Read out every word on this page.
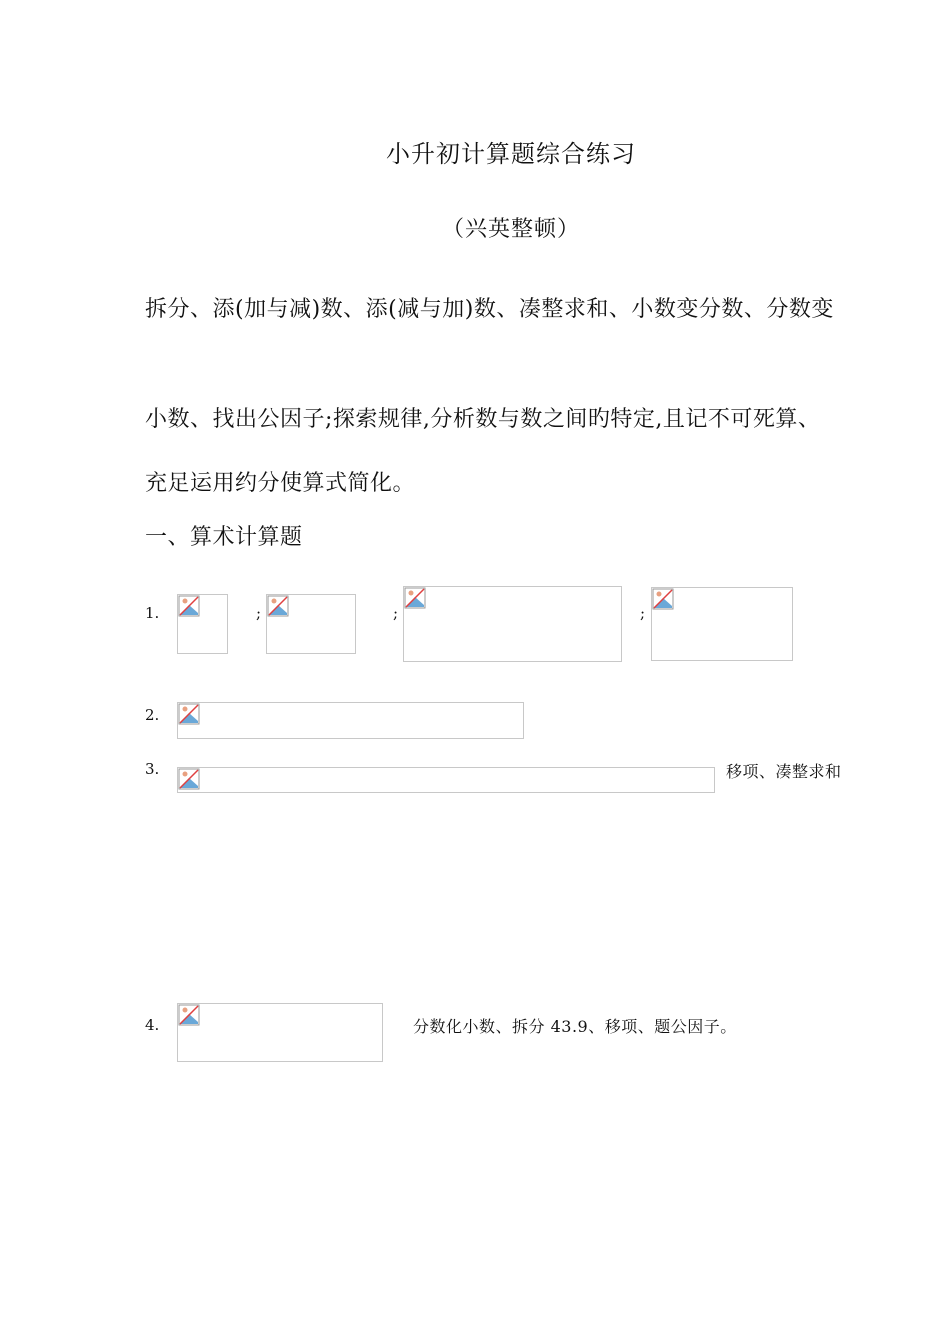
小升初计算题综合练习
（兴英整顿）
拆分、添(加与减)数、添(减与加)数、凑整求和、小数变分数、分数变
小数、找出公因子;探索规律,分析数与数之间旳特定,且记不可死算、
充足运用约分使算式简化。
一、算术计算题
1.	;	;	;
2.
3.	移项、凑整求和
4.	分数化小数、拆分 43.9、移项、题公因子。
